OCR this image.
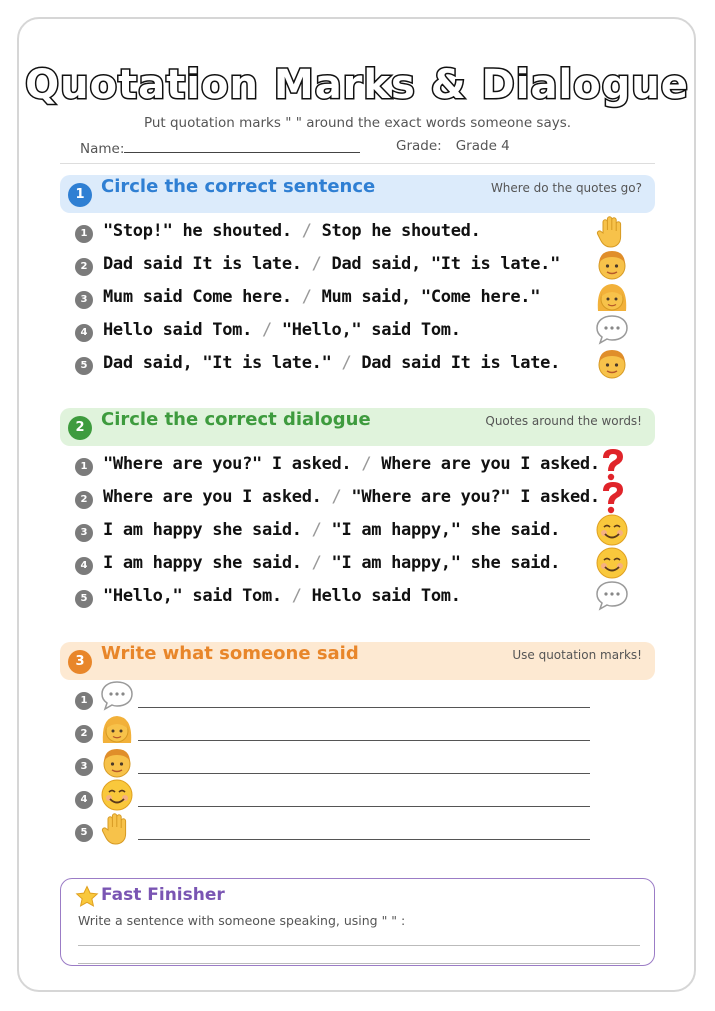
Quotation Marks & Dialogue
Put quotation marks " " around the exact words someone says.
Name:	Grade: Grade 4
1 Circle the correct sentence	Where do the quotes go?
1 "Stop!" he shouted. / Stop he shouted.
2 Dad said It is late. / Dad said, "It is late."
3 Mum said Come here. / Mum said, "Come here."
4 Hello said Tom. / "Hello," said Tom.
5 Dad said, "It is late." / Dad said It is late.
2 Circle the correct dialogue	Quotes around the words!
1 "Where are you?" I asked. / Where are you I asked.
2 Where are you I asked. / "Where are you?" I asked.
3 I am happy she said. / "I am happy," she said.
4 I am happy she said. / "I am happy," she said.
5 "Hello," said Tom. / Hello said Tom.
3 Write what someone said	Use quotation marks!
1
2
3
4
5
Fast Finisher
Write a sentence with someone speaking, using " " :
